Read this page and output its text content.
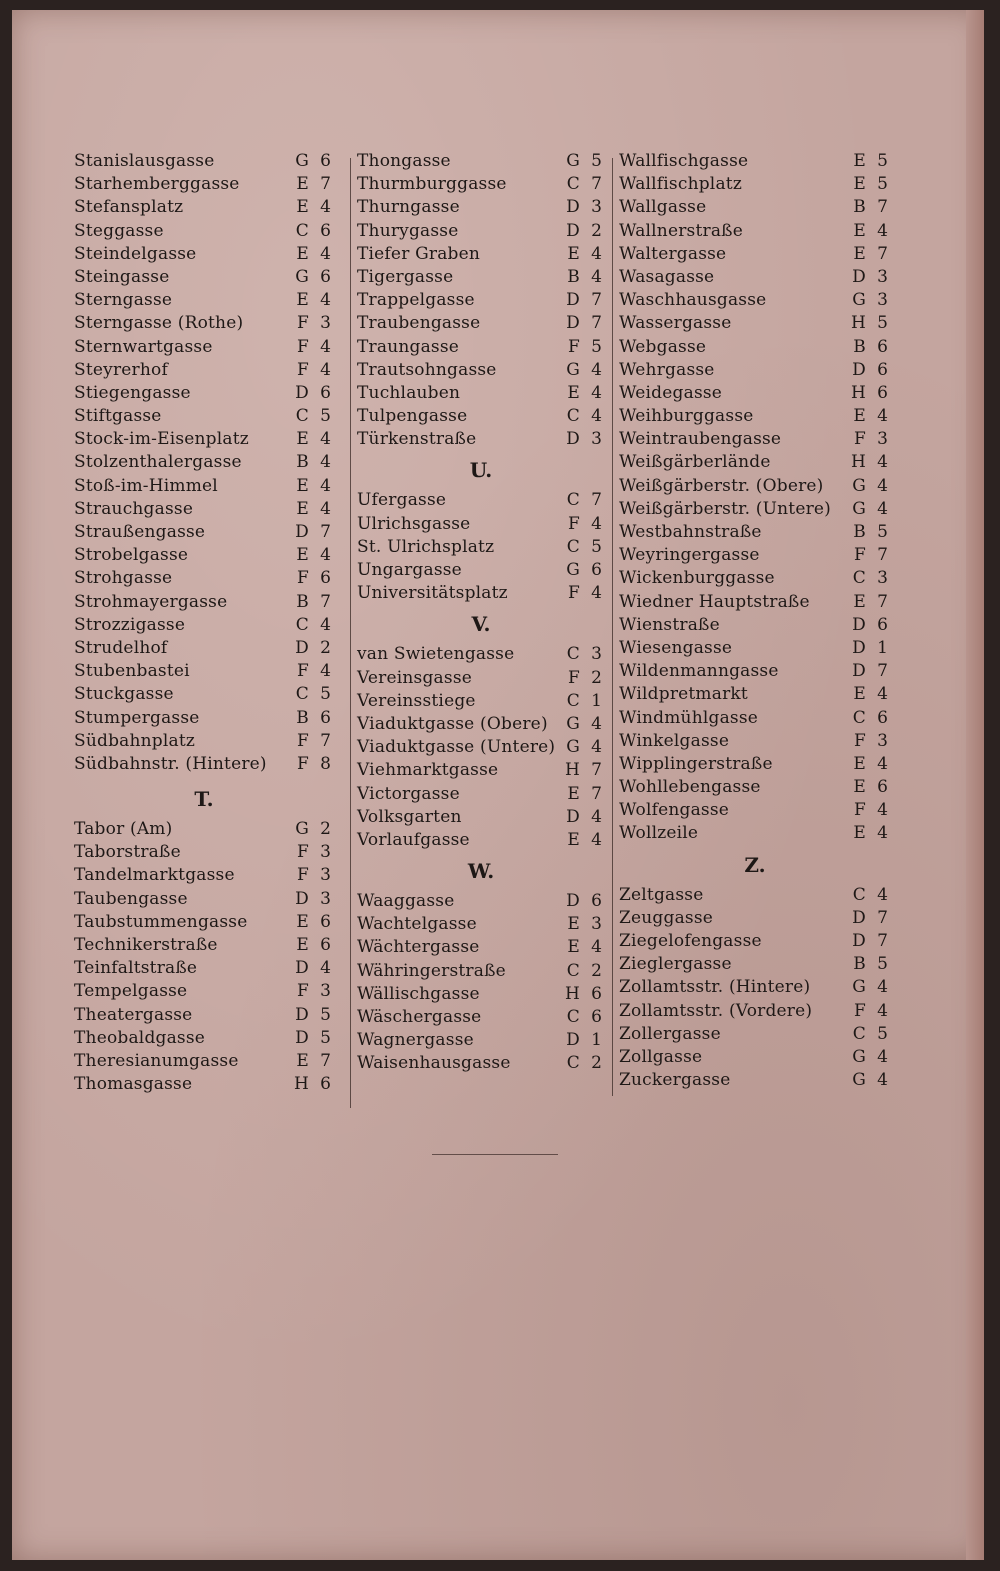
Stanislausgasse	G 6
Starhemberggasse	E 7
Stefansplatz	E 4
Steggasse	C 6
Steindelgasse	E 4
Steingasse	G 6
Sterngasse	E 4
Sterngasse (Rothe)	F 3
Sternwartgasse	F 4
Steyrerhof	F 4
Stiegengasse	D 6
Stiftgasse	C 5
Stock-im-Eisenplatz	E 4
Stolzenthalergasse	B 4
Stoß-im-Himmel	E 4
Strauchgasse	E 4
Straußengasse	D 7
Strobelgasse	E 4
Strohgasse	F 6
Strohmayergasse	B 7
Strozzigasse	C 4
Strudelhof	D 2
Stubenbastei	F 4
Stuckgasse	C 5
Stumpergasse	B 6
Südbahnplatz	F 7
Südbahnstr. (Hintere) F 8
T.
Tabor (Am)	G 2
Taborstraße	F 3
Tandelmarktgasse	F 3
Taubengasse	D 3
Taubstummengasse	E 6
Technikerstraße	E 6
Teinfaltstraße	D 4
Tempelgasse	F 3
Theatergasse	D 5
Theobaldgasse	D 5
Theresianumgasse	E 7
Thomasgasse	H 6
Thongasse	G 5
Thurmburggasse	C 7
Thurngasse	D 3
Thurygasse	D 2
Tiefer Graben	E 4
Tigergasse	B 4
Trappelgasse	D 7
Traubengasse	D 7
Traungasse	F 5
Trautsohngasse	G 4
Tuchlauben	E 4
Tulpengasse	C 4
Türkenstraße	D 3
U.
Ufergasse	C 7
Ulrichsgasse	F 4
St. Ulrichsplatz	C 5
Ungargasse	G 6
Universitätsplatz	F 4
V.
van Swietengasse	C 3
Vereinsgasse	F 2
Vereinsstiege	C 1
Viaduktgasse (Obere) G 4
Viaduktgasse (Untere) G 4
Viehmarktgasse	H 7
Victorgasse	E 7
Volksgarten	D 4
Vorlaufgasse	E 4
W.
Waaggasse	D 6
Wachtelgasse	E 3
Wächtergasse	E 4
Währingerstraße	C 2
Wällischgasse	H 6
Wäschergasse	C 6
Wagnergasse	D 1
Waisenhausgasse	C 2
Wallfischgasse	E 5
Wallfischplatz	E 5
Wallgasse	B 7
Wallnerstraße	E 4
Waltergasse	E 7
Wasagasse	D 3
Waschhausgasse	G 3
Wassergasse	H 5
Webgasse	B 6
Wehrgasse	D 6
Weidegasse	H 6
Weihburggasse	E 4
Weintraubengasse	F 3
Weißgärberlände	H 4
Weißgärberstr. (Obere) G 4
Weißgärberstr. (Untere) G 4
Westbahnstraße	B 5
Weyringergasse	F 7
Wickenburggasse	C 3
Wiedner Hauptstraße	E 7
Wienstraße	D 6
Wiesengasse	D 1
Wildenmanngasse	D 7
Wildpretmarkt	E 4
Windmühlgasse	C 6
Winkelgasse	F 3
Wipplingerstraße	E 4
Wohllebengasse	E 6
Wolfengasse	F 4
Wollzeile	E 4
Z.
Zeltgasse	C 4
Zeuggasse	D 7
Ziegelofengasse	D 7
Zieglergasse	B 5
Zollamtsstr. (Hintere) G 4
Zollamtsstr. (Vordere) F 4
Zollergasse	C 5
Zollgasse	G 4
Zuckergasse	G 4
